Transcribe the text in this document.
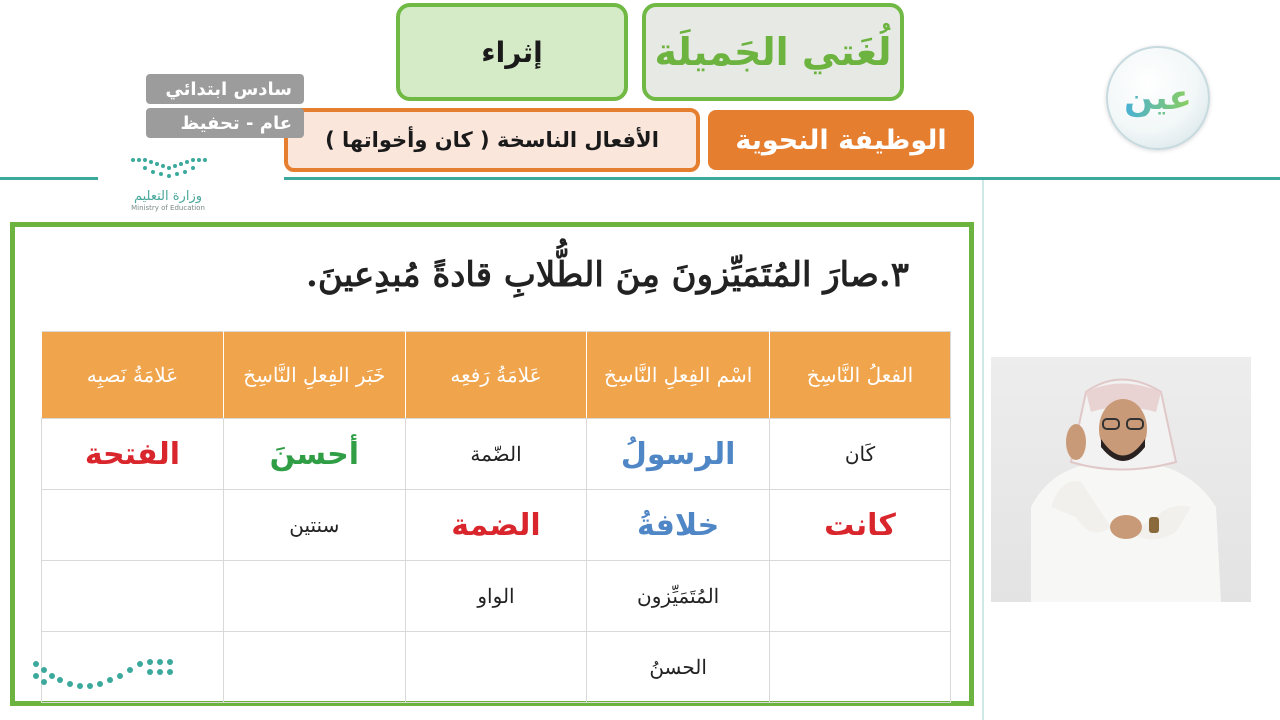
لُغَتي الجَميلَة
إثراء
الوظيفة النحوية
الأفعال الناسخة ( كان وأخواتها )
سادس ابتدائي
عام - تحفيظ
عين
وزارة التعليم
Ministry of Education
٣.صارَ المُتَمَيِّزونَ مِنَ الطُّلابِ قادةً مُبدِعينَ.
الفعلُ النَّاسِخ	اسْم الفِعلِ النَّاسِخ	عَلامَةُ رَفعِه	خَبَر الفِعلِ النَّاسِخ	عَلامَةُ نَصبِه
كَان	الرسولُ	الضّمة	أحسنَ	الفتحة
كانت	خلافةُ	الضمة	سنتين	
	المُتَمَيِّزون	الواو		
	الحسنُ			
